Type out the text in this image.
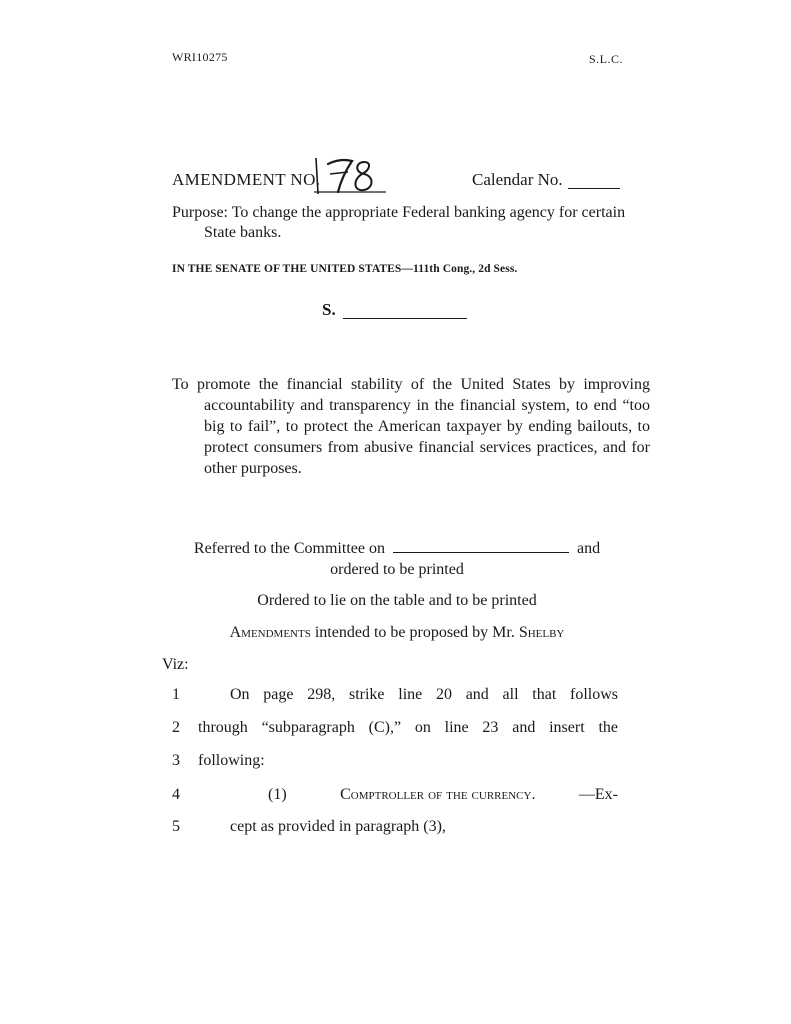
WRI10275	S.L.C.
AMENDMENT NO.	Calendar No.
Purpose: To change the appropriate Federal banking agency for certain State banks.
IN THE SENATE OF THE UNITED STATES—111th Cong., 2d Sess.
S.
To promote the financial stability of the United States by improving accountability and transparency in the financial system, to end “too big to fail”, to protect the American taxpayer by ending bailouts, to protect consumers from abusive financial services practices, and for other purposes.
Referred to the Committee on	and
ordered to be printed
Ordered to lie on the table and to be printed
Amendments intended to be proposed by Mr. Shelby
Viz:
1	On page 298, strike line 20 and all that follows
2	through “subparagraph (C),” on line 23 and insert the
3	following:
4	(1)	Comptroller of the currency.	—Ex-
5	cept as provided in paragraph (3),
